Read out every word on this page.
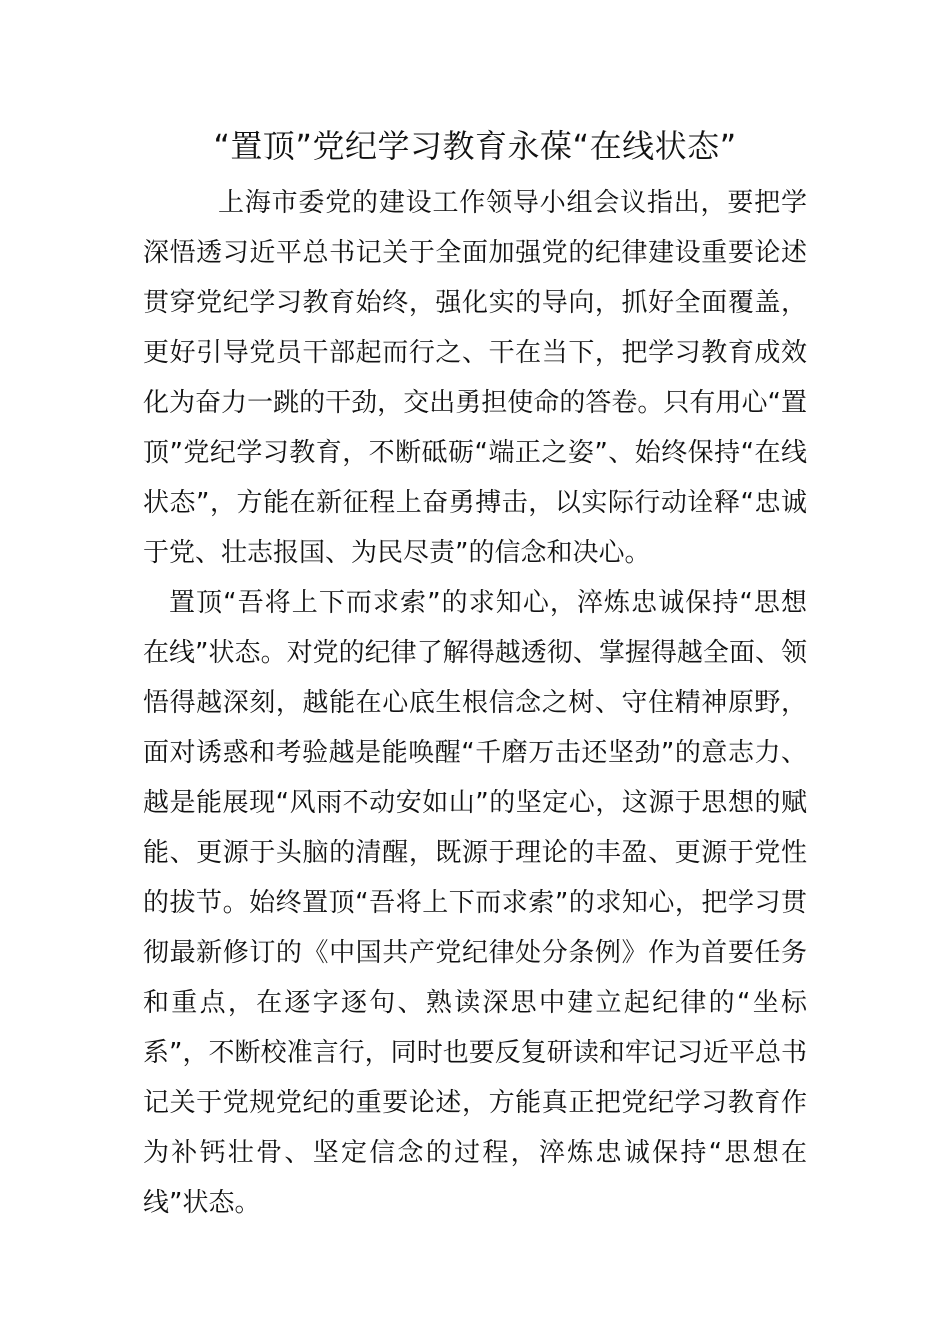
“置顶”党纪学习教育永葆“在线状态”

上海市委党的建设工作领导小组会议指出，要把学深悟透习近平总书记关于全面加强党的纪律建设重要论述贯穿党纪学习教育始终，强化实的导向，抓好全面覆盖，更好引导党员干部起而行之、干在当下，把学习教育成效化为奋力一跳的干劲，交出勇担使命的答卷。只有用心“置顶”党纪学习教育，不断砥砺“端正之姿”、始终保持“在线状态”，方能在新征程上奋勇搏击，以实际行动诠释“忠诚于党、壮志报国、为民尽责”的信念和决心。

置顶“吾将上下而求索”的求知心，淬炼忠诚保持“思想在线”状态。对党的纪律了解得越透彻、掌握得越全面、领悟得越深刻，越能在心底生根信念之树、守住精神原野，面对诱惑和考验越是能唤醒“千磨万击还坚劲”的意志力、越是能展现“风雨不动安如山”的坚定心，这源于思想的赋能、更源于头脑的清醒，既源于理论的丰盈、更源于党性的拔节。始终置顶“吾将上下而求索”的求知心，把学习贯彻最新修订的《中国共产党纪律处分条例》作为首要任务和重点，在逐字逐句、熟读深思中建立起纪律的“坐标系”，不断校准言行，同时也要反复研读和牢记习近平总书记关于党规党纪的重要论述，方能真正把党纪学习教育作为补钙壮骨、坚定信念的过程，淬炼忠诚保持“思想在线”状态。
